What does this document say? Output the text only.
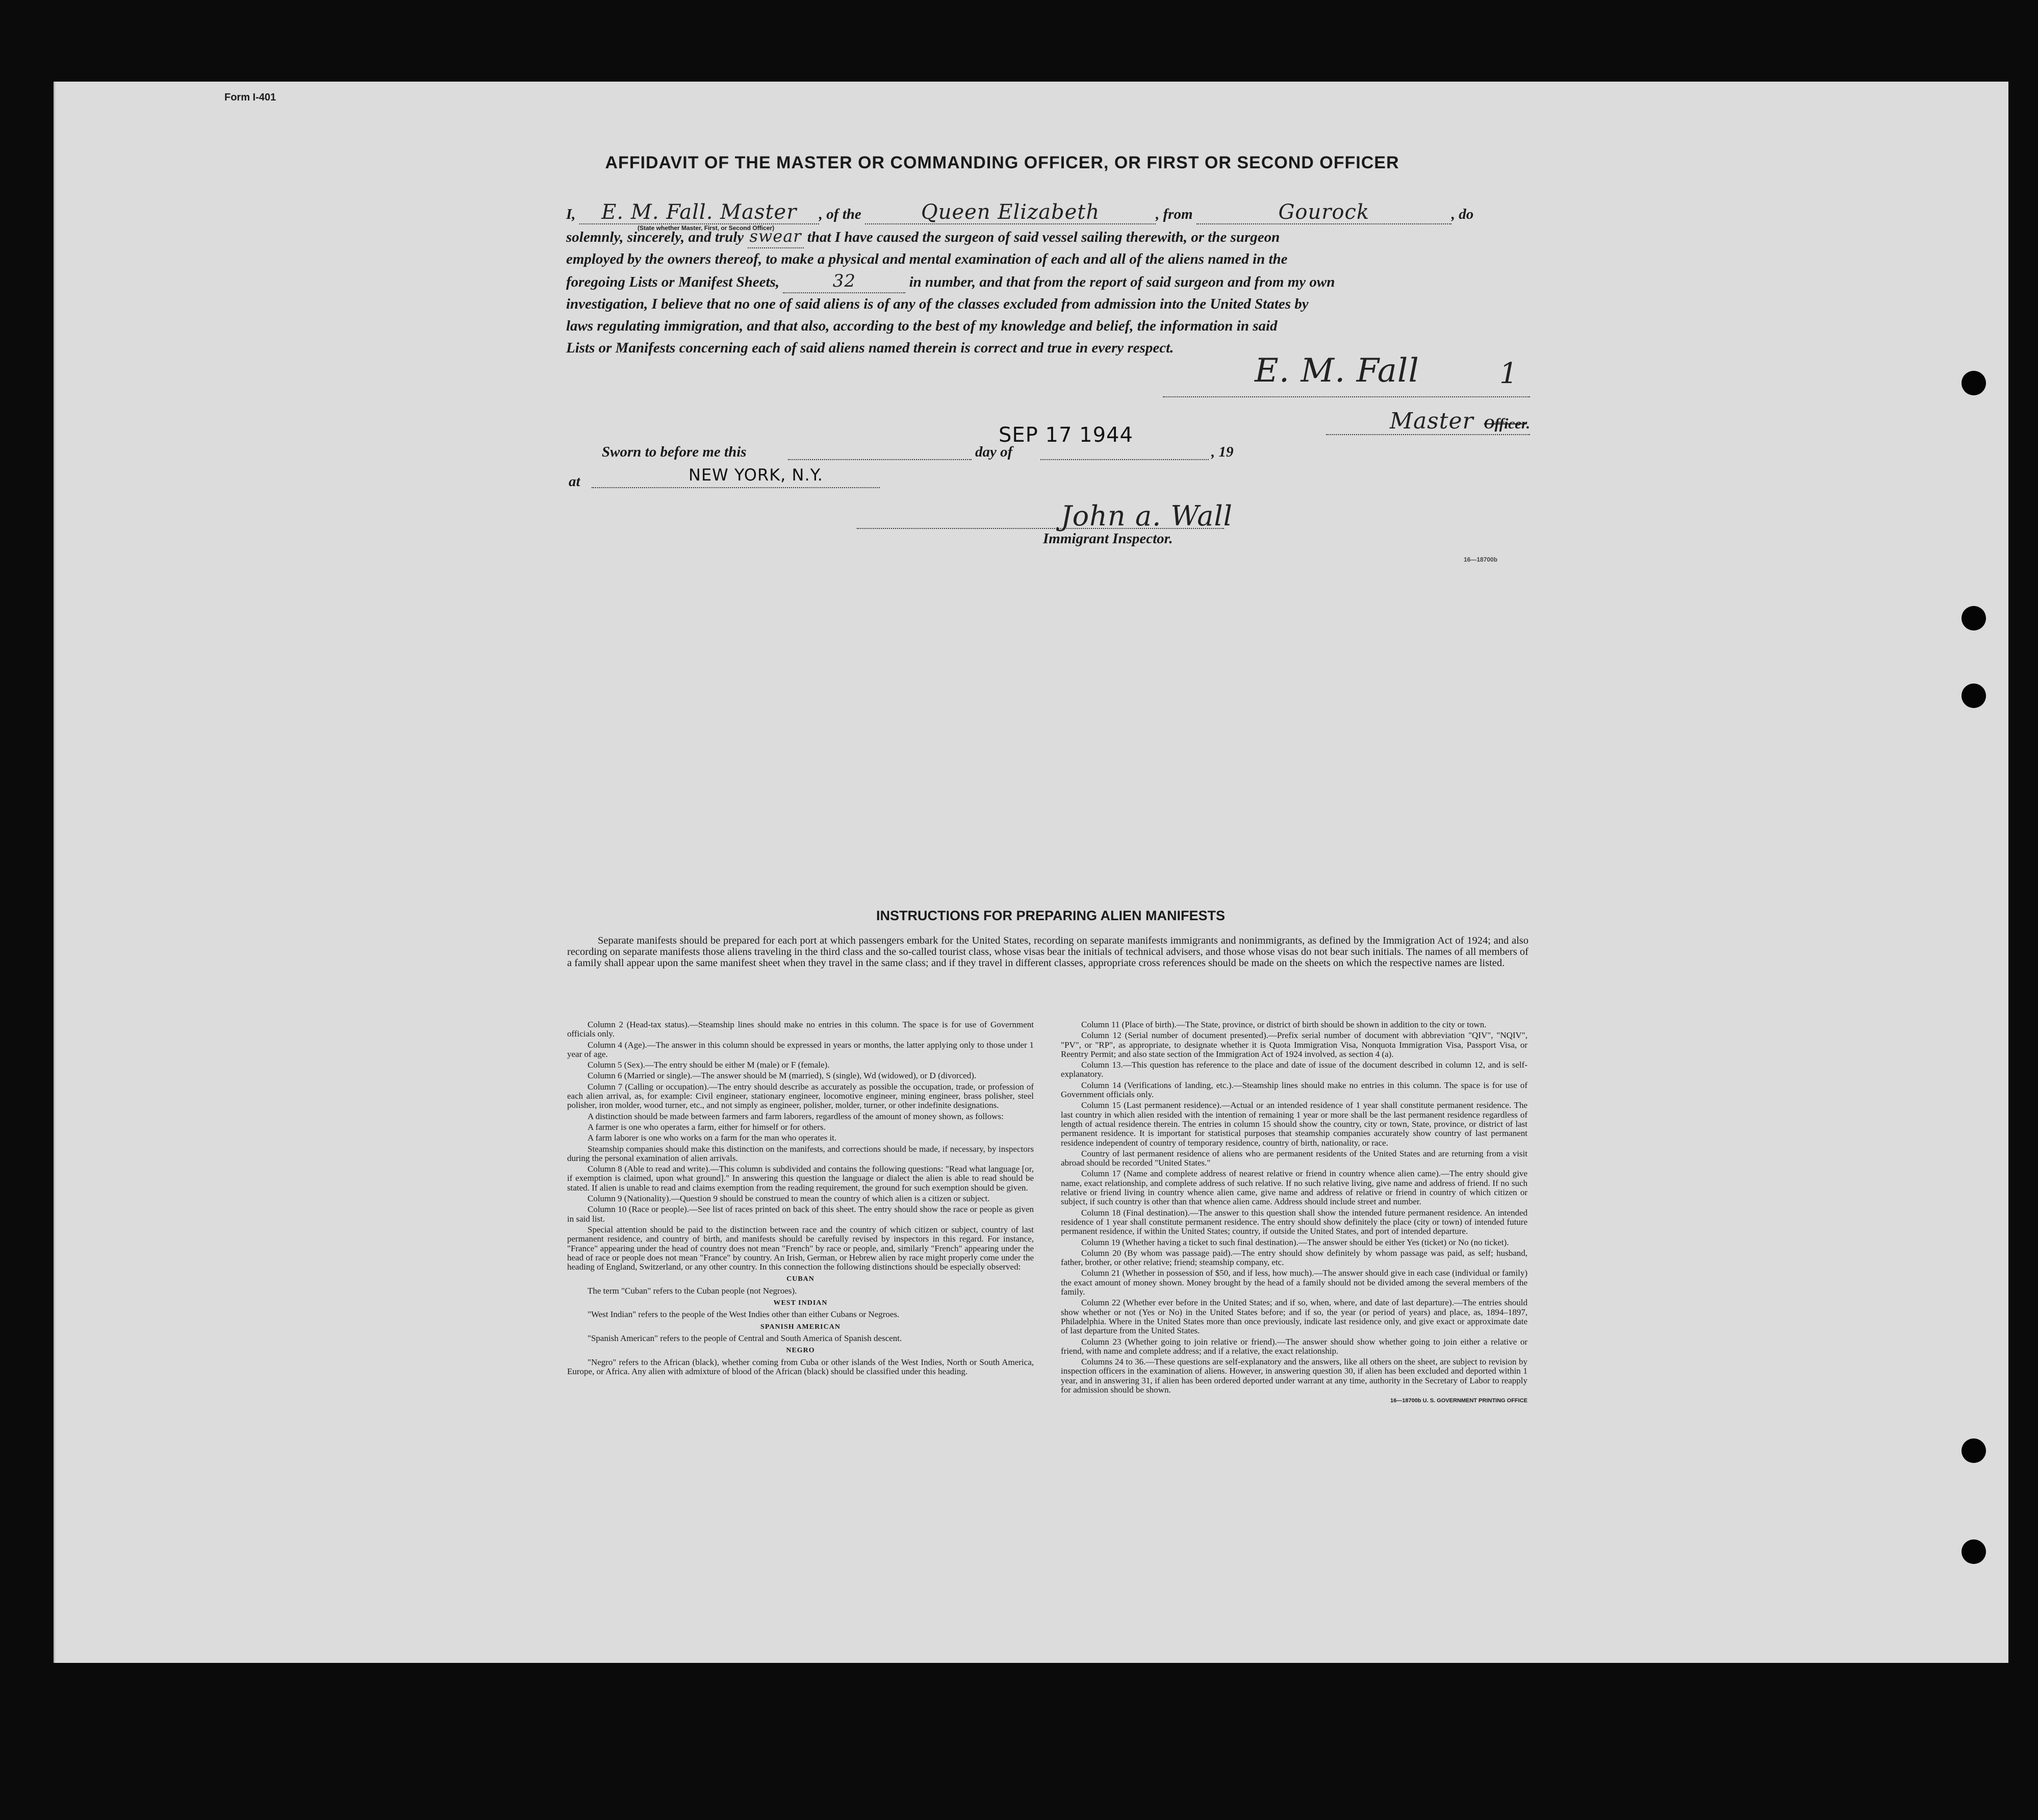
Form I-401
AFFIDAVIT OF THE MASTER OR COMMANDING OFFICER, OR FIRST OR SECOND OFFICER
I, E. M. Fall. Master , of the	Queen Elizabeth	, from	Gourock	, do
solemnly, sincerely, and truly swear that I have caused the surgeon of said vessel sailing therewith, or the surgeon
employed by the owners thereof, to make a physical and mental examination of each and all of the aliens named in the
foregoing Lists or Manifest Sheets,	32	in number, and that from the report of said surgeon and from my own
investigation, I believe that no one of said aliens is of any of the classes excluded from admission into the United States by
laws regulating immigration, and that also, according to the best of my knowledge and belief, the information in said
Lists or Manifests concerning each of said aliens named therein is correct and true in every respect.
(State whether Master, First, or Second Officer)
E. M. Fall	1
Master Officer.
Sworn to before me this	day of
SEP 17 1944
, 19
at	NEW YORK, N.Y.
John a. Wall
Immigrant Inspector.
16—18700b
INSTRUCTIONS FOR PREPARING ALIEN MANIFESTS
Separate manifests should be prepared for each port at which passengers embark for the United States, recording on separate manifests immigrants and nonimmigrants, as defined by the Immigration Act of 1924; and also recording on separate manifests those aliens traveling in the third class and the so-called tourist class, whose visas bear the initials of technical advisers, and those whose visas do not bear such initials. The names of all members of a family shall appear upon the same manifest sheet when they travel in the same class; and if they travel in different classes, appropriate cross references should be made on the sheets on which the respective names are listed.

Column 2 (Head-tax status).—Steamship lines should make no entries in this column. The space is for use of Government officials only.

Column 4 (Age).—The answer in this column should be expressed in years or months, the latter applying only to those under 1 year of age.

Column 5 (Sex).—The entry should be either M (male) or F (female).

Column 6 (Married or single).—The answer should be M (married), S (single), Wd (widowed), or D (divorced).

Column 7 (Calling or occupation).—The entry should describe as accurately as possible the occupation, trade, or profession of each alien arrival, as, for example: Civil engineer, stationary engineer, locomotive engineer, mining engineer, brass polisher, steel polisher, iron molder, wood turner, etc., and not simply as engineer, polisher, molder, turner, or other indefinite designations.

A distinction should be made between farmers and farm laborers, regardless of the amount of money shown, as follows:

A farmer is one who operates a farm, either for himself or for others.

A farm laborer is one who works on a farm for the man who operates it.

Steamship companies should make this distinction on the manifests, and corrections should be made, if necessary, by inspectors during the personal examination of alien arrivals.

Column 8 (Able to read and write).—This column is subdivided and contains the following questions: "Read what language [or, if exemption is claimed, upon what ground]." In answering this question the language or dialect the alien is able to read should be stated. If alien is unable to read and claims exemption from the reading requirement, the ground for such exemption should be given.

Column 9 (Nationality).—Question 9 should be construed to mean the country of which alien is a citizen or subject.

Column 10 (Race or people).—See list of races printed on back of this sheet. The entry should show the race or people as given in said list.

Special attention should be paid to the distinction between race and the country of which citizen or subject, country of last permanent residence, and country of birth, and manifests should be carefully revised by inspectors in this regard. For instance, "France" appearing under the head of country does not mean "French" by race or people, and, similarly "French" appearing under the head of race or people does not mean "France" by country. An Irish, German, or Hebrew alien by race might properly come under the heading of England, Switzerland, or any other country. In this connection the following distinctions should be especially observed:

CUBAN

The term "Cuban" refers to the Cuban people (not Negroes).

WEST INDIAN

"West Indian" refers to the people of the West Indies other than either Cubans or Negroes.

SPANISH AMERICAN

"Spanish American" refers to the people of Central and South America of Spanish descent.

NEGRO

"Negro" refers to the African (black), whether coming from Cuba or other islands of the West Indies, North or South America, Europe, or Africa. Any alien with admixture of blood of the African (black) should be classified under this heading.

Column 11 (Place of birth).—The State, province, or district of birth should be shown in addition to the city or town.

Column 12 (Serial number of document presented).—Prefix serial number of document with abbreviation "QIV", "NQIV", "PV", or "RP", as appropriate, to designate whether it is Quota Immigration Visa, Nonquota Immigration Visa, Passport Visa, or Reentry Permit; and also state section of the Immigration Act of 1924 involved, as section 4 (a).

Column 13.—This question has reference to the place and date of issue of the document described in column 12, and is self-explanatory.

Column 14 (Verifications of landing, etc.).—Steamship lines should make no entries in this column. The space is for use of Government officials only.

Column 15 (Last permanent residence).—Actual or an intended residence of 1 year shall constitute permanent residence. The last country in which alien resided with the intention of remaining 1 year or more shall be the last permanent residence regardless of length of actual residence therein. The entries in column 15 should show the country, city or town, State, province, or district of last permanent residence. It is important for statistical purposes that steamship companies accurately show country of last permanent residence independent of country of temporary residence, country of birth, nationality, or race.

Country of last permanent residence of aliens who are permanent residents of the United States and are returning from a visit abroad should be recorded "United States."

Column 17 (Name and complete address of nearest relative or friend in country whence alien came).—The entry should give name, exact relationship, and complete address of such relative. If no such relative living, give name and address of friend. If no such relative or friend living in country whence alien came, give name and address of relative or friend in country of which citizen or subject, if such country is other than that whence alien came. Address should include street and number.

Column 18 (Final destination).—The answer to this question shall show the intended future permanent residence. An intended residence of 1 year shall constitute permanent residence. The entry should show definitely the place (city or town) of intended future permanent residence, if within the United States; country, if outside the United States, and port of intended departure.

Column 19 (Whether having a ticket to such final destination).—The answer should be either Yes (ticket) or No (no ticket).

Column 20 (By whom was passage paid).—The entry should show definitely by whom passage was paid, as self; husband, father, brother, or other relative; friend; steamship company, etc.

Column 21 (Whether in possession of $50, and if less, how much).—The answer should give in each case (individual or family) the exact amount of money shown. Money brought by the head of a family should not be divided among the several members of the family.

Column 22 (Whether ever before in the United States; and if so, when, where, and date of last departure).—The entries should show whether or not (Yes or No) in the United States before; and if so, the year (or period of years) and place, as, 1894–1897, Philadelphia. Where in the United States more than once previously, indicate last residence only, and give exact or approximate date of last departure from the United States.

Column 23 (Whether going to join relative or friend).—The answer should show whether going to join either a relative or friend, with name and complete address; and if a relative, the exact relationship.

Columns 24 to 36.—These questions are self-explanatory and the answers, like all others on the sheet, are subject to revision by inspection officers in the examination of aliens. However, in answering question 30, if alien has been excluded and deported within 1 year, and in answering 31, if alien has been ordered deported under warrant at any time, authority in the Secretary of Labor to reapply for admission should be shown.

16—18700b U. S. GOVERNMENT PRINTING OFFICE
